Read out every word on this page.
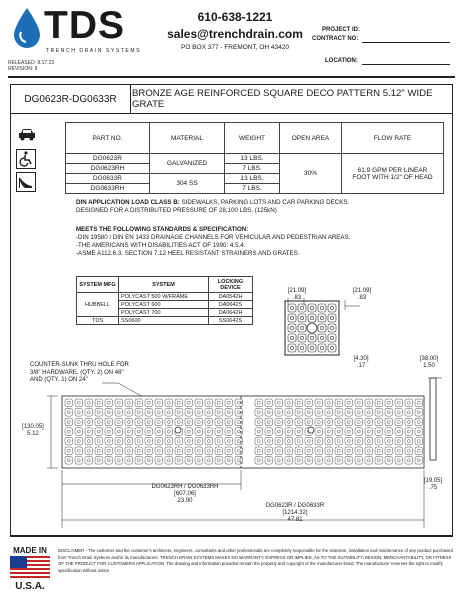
TDS
TRENCH DRAIN SYSTEMS
RELEASED: 8.17.23
REVISION: 8
610-638-1221
sales@trenchdrain.com
PO BOX 377 - FREMONT, OH 43420
PROJECT ID:
CONTRACT NO:
LOCATION:
DG0623R-DG0633R	BRONZE AGE REINFORCED SQUARE DECO PATTERN 5.12" WIDE GRATE
PART NO.	MATERIAL	WEIGHT	OPEN AREA	FLOW RATE
DG0623R	GALVANIZED	13 LBS.	30%	61.9 GPM PER LINEAR
FOOT WITH 1/2" OF HEAD

DG0623RH		7 LBS.		
DG0633R	304 SS	13 LBS.		
DG0633RH		7 LBS.		
DIN APPLICATION LOAD CLASS B: SIDEWALKS, PARKING LOTS AND CAR PARKING DECKS.
DESIGNED FOR A DISTRIBUTED PRESSURE OF 28,100 LBS. (125kN)
MEETS THE FOLLOWING STANDARDS & SPECIFICATION:
-DIN 19580 / DIN EN 1433 DRAINAGE CHANNELS FOR VEHICULAR AND PEDESTRIAN AREAS.
-THE AMERICANS WITH DISABILITIES ACT OF 1990: 4.5.4.
-ASME A112.6.3. SECTION 7.12 HEEL RESISTANT STRAINERS AND GRATES.
SYSTEM MFG	SYSTEM	LOCKING DEVICE
HUBBELL	POLYCAST 500 W/FRAME	DA0542H
	POLYCAST 600	DA0642S
	POLYCAST 700	DA0642H
TDS	SS0600	SS0642S
[21.09]
.83
[21.09]
.83
[4.30]
.17
[38.00]
1.50
[19.05]
.75
COUNTER-SUNK THRU HOLE FOR
3/8" HARDWARE. (QTY. 2) ON 48"
AND (QTY. 1) ON 24"
[130.05]
5.12
DG0623RH / DG0633RH
[607.06]
23.90
DG0623R / DG0633R
[1214.32]
47.81
MADE IN
U.S.A.
DISCLAIMER - The customer and the customer's architects, engineers, consultants and other professionals are completely responsible for the selection, installation and maintenance of any product purchased from Trench Drain Systems and/or its manufacturers. TRENCH DRAIN SYSTEMS MAKES NO WARRANTY, EXPRESS OR IMPLIED, AS TO THE SUITABILITY, DESIGN, MERCHANTABILITY, OR FITNESS OF THE PRODUCT FOR CUSTOMERS APPLICATION. The drawing and information provided remain the property and copyright of the manufacturer listed. The manufacturer reserves the right to modify specification without notice.
